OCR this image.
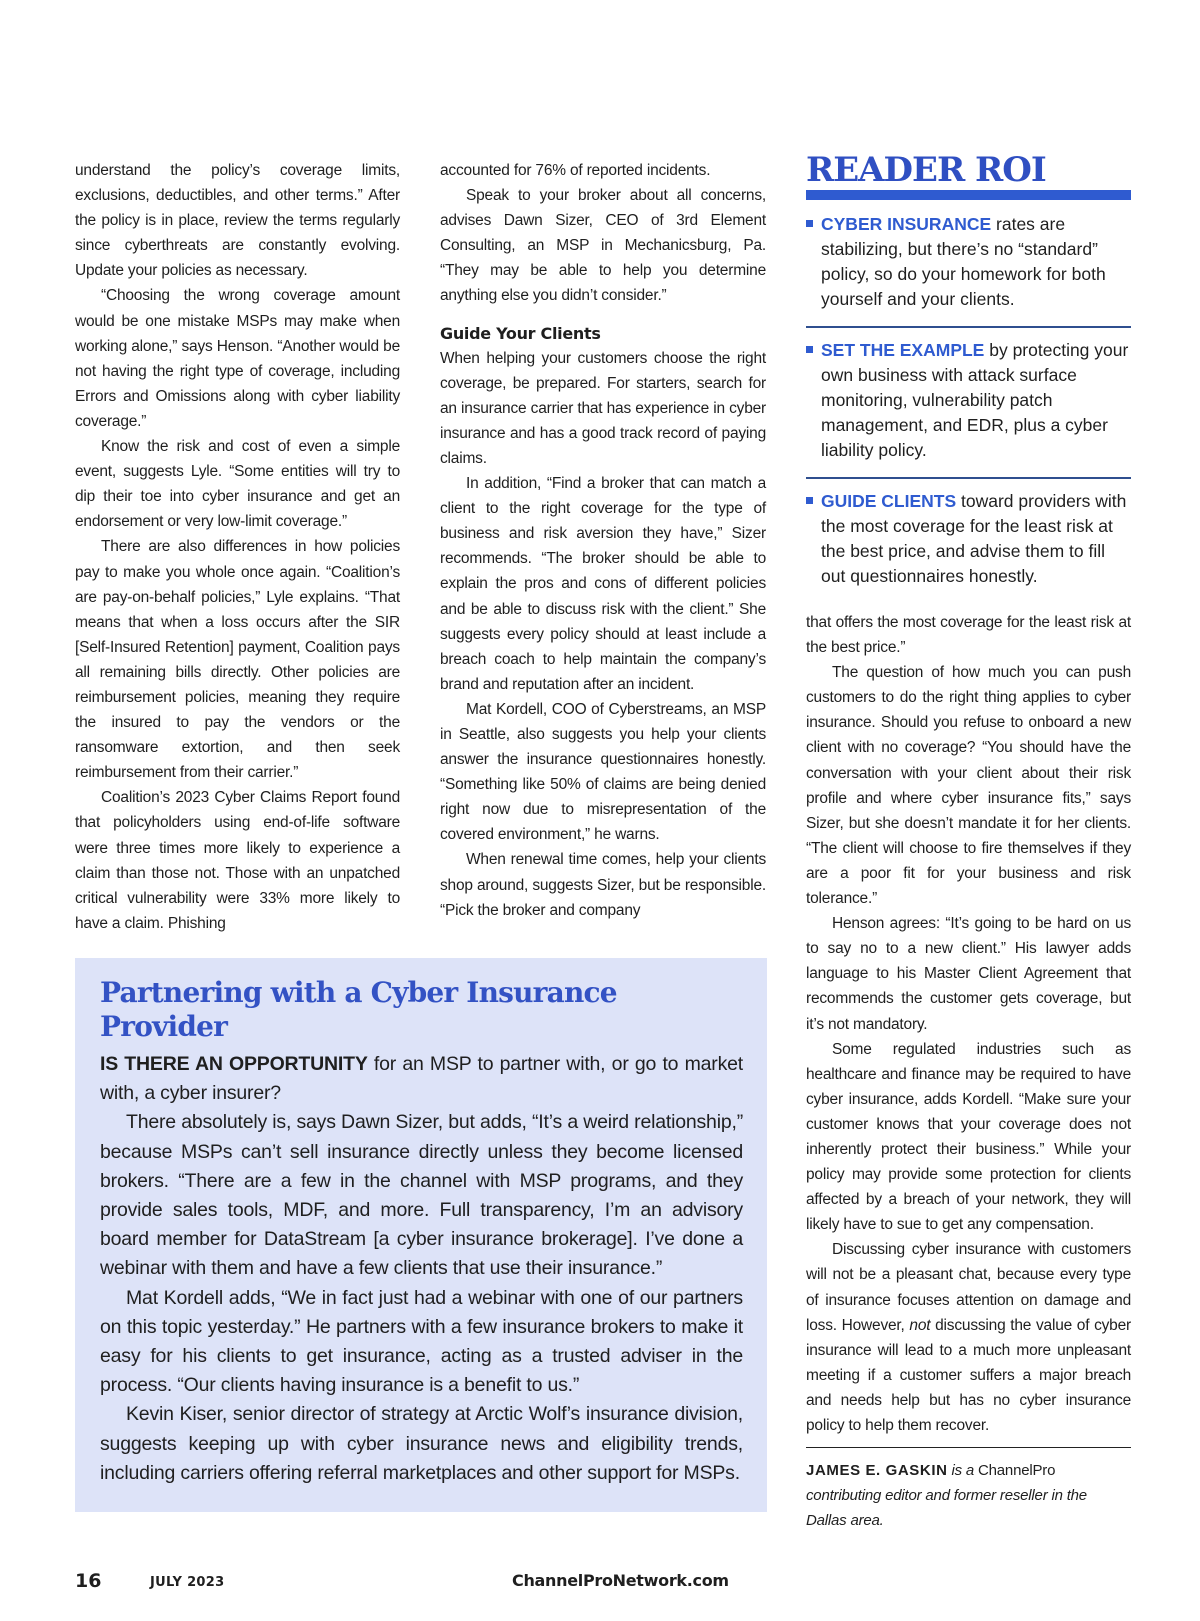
understand the policy’s coverage limits, exclusions, deductibles, and other terms.” After the policy is in place, review the terms regularly since cyberthreats are constantly evolving. Update your policies as necessary.

“Choosing the wrong coverage amount would be one mistake MSPs may make when working alone,” says Henson. “Another would be not having the right type of coverage, including Errors and Omissions along with cyber liability coverage.”

Know the risk and cost of even a simple event, suggests Lyle. “Some entities will try to dip their toe into cyber insurance and get an endorsement or very low-limit coverage.”

There are also differences in how policies pay to make you whole once again. “Coalition’s are pay-on-behalf policies,” Lyle explains. “That means that when a loss occurs after the SIR [Self-Insured Retention] payment, Coalition pays all remaining bills directly. Other policies are reimbursement policies, meaning they require the insured to pay the vendors or the ransomware extortion, and then seek reimbursement from their carrier.”

Coalition’s 2023 Cyber Claims Report found that policyholders using end-of-life software were three times more likely to experience a claim than those not. Those with an unpatched critical vulnerability were 33% more likely to have a claim. Phishing

accounted for 76% of reported incidents.

Speak to your broker about all concerns, advises Dawn Sizer, CEO of 3rd Element Consulting, an MSP in Mechanicsburg, Pa. “They may be able to help you determine anything else you didn’t consider.”

Guide Your Clients

When helping your customers choose the right coverage, be prepared. For starters, search for an insurance carrier that has experience in cyber insurance and has a good track record of paying claims.

In addition, “Find a broker that can match a client to the right coverage for the type of business and risk aversion they have,” Sizer recommends. “The broker should be able to explain the pros and cons of different policies and be able to discuss risk with the client.” She suggests every policy should at least include a breach coach to help maintain the company’s brand and reputation after an incident.

Mat Kordell, COO of Cyberstreams, an MSP in Seattle, also suggests you help your clients answer the insurance questionnaires honestly. “Something like 50% of claims are being denied right now due to misrepresentation of the covered environment,” he warns.

When renewal time comes, help your clients shop around, suggests Sizer, but be responsible. “Pick the broker and company

READER ROI
CYBER INSURANCE rates are stabilizing, but there’s no “standard” policy, so do your homework for both yourself and your clients.
SET THE EXAMPLE by protecting your own business with attack surface monitoring, vulnerability patch management, and EDR, plus a cyber liability policy.
GUIDE CLIENTS toward providers with the most coverage for the least risk at the best price, and advise them to fill out questionnaires honestly.

that offers the most coverage for the least risk at the best price.”

The question of how much you can push customers to do the right thing applies to cyber insurance. Should you refuse to onboard a new client with no coverage? “You should have the conversation with your client about their risk profile and where cyber insurance fits,” says Sizer, but she doesn’t mandate it for her clients. “The client will choose to fire themselves if they are a poor fit for your business and risk tolerance.”

Henson agrees: “It’s going to be hard on us to say no to a new client.” His lawyer adds language to his Master Client Agreement that recommends the customer gets coverage, but it’s not mandatory.

Some regulated industries such as healthcare and finance may be required to have cyber insurance, adds Kordell. “Make sure your customer knows that your coverage does not inherently protect their business.” While your policy may provide some protection for clients affected by a breach of your network, they will likely have to sue to get any compensation.

Discussing cyber insurance with customers will not be a pleasant chat, because every type of insurance focuses attention on damage and loss. However, not discussing the value of cyber insurance will lead to a much more unpleasant meeting if a customer suffers a major breach and needs help but has no cyber insurance policy to help them recover.

JAMES E. GASKIN is a ChannelPro contributing editor and former reseller in the Dallas area.
Partnering with a Cyber Insurance Provider

IS THERE AN OPPORTUNITY for an MSP to partner with, or go to market with, a cyber insurer?

There absolutely is, says Dawn Sizer, but adds, “It’s a weird relationship,” because MSPs can’t sell insurance directly unless they become licensed brokers. “There are a few in the channel with MSP programs, and they provide sales tools, MDF, and more. Full transparency, I’m an advisory board member for DataStream [a cyber insurance brokerage]. I’ve done a webinar with them and have a few clients that use their insurance.”

Mat Kordell adds, “We in fact just had a webinar with one of our partners on this topic yesterday.” He partners with a few insurance brokers to make it easy for his clients to get insurance, acting as a trusted adviser in the process. “Our clients having insurance is a benefit to us.”

Kevin Kiser, senior director of strategy at Arctic Wolf’s insurance division, suggests keeping up with cyber insurance news and eligibility trends, including carriers offering referral marketplaces and other support for MSPs.

16	JULY 2023	ChannelProNetwork.com
